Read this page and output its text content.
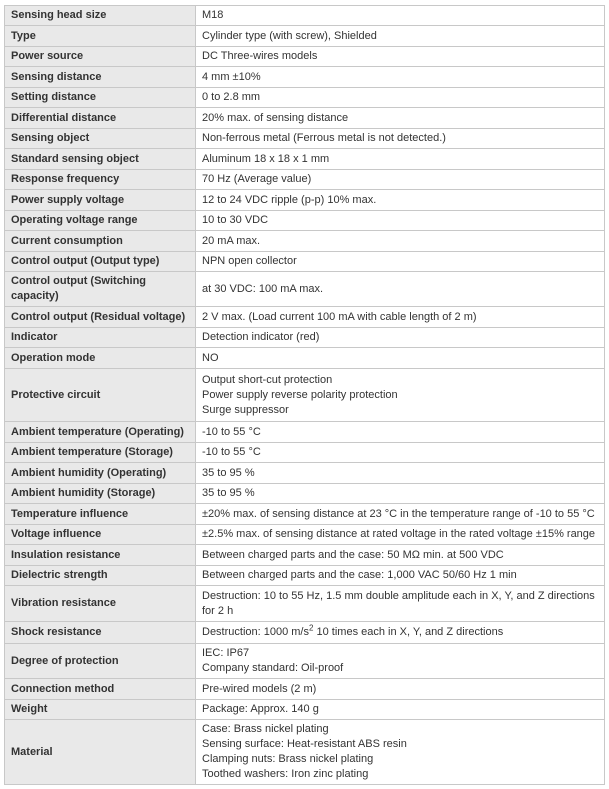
Sensing head size	M18

Type	Cylinder type (with screw), Shielded

Power source	DC Three-wires models

Sensing distance	4 mm ±10%

Setting distance	0 to 2.8 mm

Differential distance	20% max. of sensing distance

Sensing object	Non-ferrous metal (Ferrous metal is not detected.)

Standard sensing object	Aluminum 18 x 18 x 1 mm

Response frequency	70 Hz (Average value)

Power supply voltage	12 to 24 VDC ripple (p-p) 10% max.

Operating voltage range	10 to 30 VDC

Current consumption	20 mA max.

Control output (Output type)	NPN open collector

Control output (Switching capacity)	at 30 VDC: 100 mA max.

Control output (Residual voltage)	2 V max. (Load current 100 mA with cable length of 2 m)

Indicator	Detection indicator (red)

Operation mode	NO

Protective circuit	Output short-cut protection
Power supply reverse polarity protection
Surge suppressor

Ambient temperature (Operating)	-10 to 55 °C

Ambient temperature (Storage)	-10 to 55 °C

Ambient humidity (Operating)	35 to 95 %

Ambient humidity (Storage)	35 to 95 %

Temperature influence	±20% max. of sensing distance at 23 °C in the temperature range of -10 to 55 °C

Voltage influence	±2.5% max. of sensing distance at rated voltage in the rated voltage ±15% range

Insulation resistance	Between charged parts and the case: 50 MΩ min. at 500 VDC

Dielectric strength	Between charged parts and the case: 1,000 VAC 50/60 Hz 1 min

Vibration resistance	Destruction: 10 to 55 Hz, 1.5 mm double amplitude each in X, Y, and Z directions for 2 h

Shock resistance	Destruction: 1000 $m/s^2$ 10 times each in X, Y, and Z directions
Degree of protection	IEC: IP67
Company standard: Oil-proof

Connection method	Pre-wired models (2 m)

Weight	Package: Approx. 140 g

Material	Case: Brass nickel plating
Sensing surface: Heat-resistant ABS resin
Clamping nuts: Brass nickel plating
Toothed washers: Iron zinc plating
